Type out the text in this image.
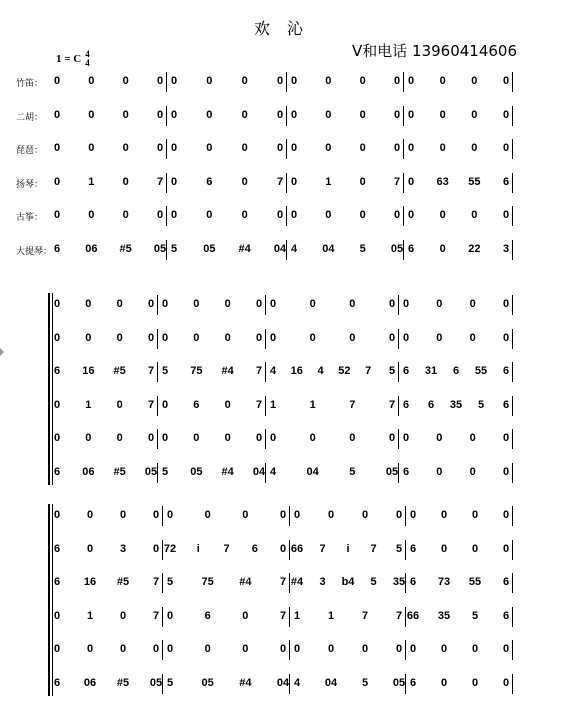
欢 沁
1 = C 4
4
V和电话 13960414606
竹笛： 0	0	0	0 0	0	0	0 0	0	0	0 0 0 0 0
二胡： 0	0	0	0 0	0	0	0 0	0	0	0 0 0 0 0
琵琶： 0	0	0	0 0	0	0	0 0	0	0	0 0 0 0 0
扬琴： 0	1	0	7 0	6	0	7 0	1	0	7 0 63 55 6
古筝： 0	0	0	0 0	0	0	0 0	0	0	0 0 0 0 0
大提琴： 6 06 #5 05 5 05 #4 04 4 04 5 05 6 0 22 3
0 0 0 0 0 0 0 0 0	0	0	0 0 0 0 0
0 0 0 0 0 0 0 0 0	0	0	0 0 0 0 0
6 16 #5 7 5 75 #4 7 4 16 4 52 7 5 6 31 6 55 6
0 1 0 7 0 6 0 7 1	1	7	7 6 6 35 5 6
0 0 0 0 0 0 0 0 0	0	0	0 0 0 0 0
6 06 #5 05 5 05 #4 04 4	04	5	05 6 0 0 0
0 0 0 0 0	0	0	0 0	0	0	0 0 0 0 0
6 0 3 0 72 i 7 6 0 66 7 i 7 5 6 0 0 0
6 16 #5 7 5	75 #4	7 #4 3 b4 5 35 6 73 55 6
0 1 0 7 0	6	0	7 1	1	7	7 66 35 5 6
0 0 0 0 0	0	0	0 0	0	0	0 0 0 0 0
6 06 #5 05 5	05 #4 04 4 04 5 05 6 0 0 0
